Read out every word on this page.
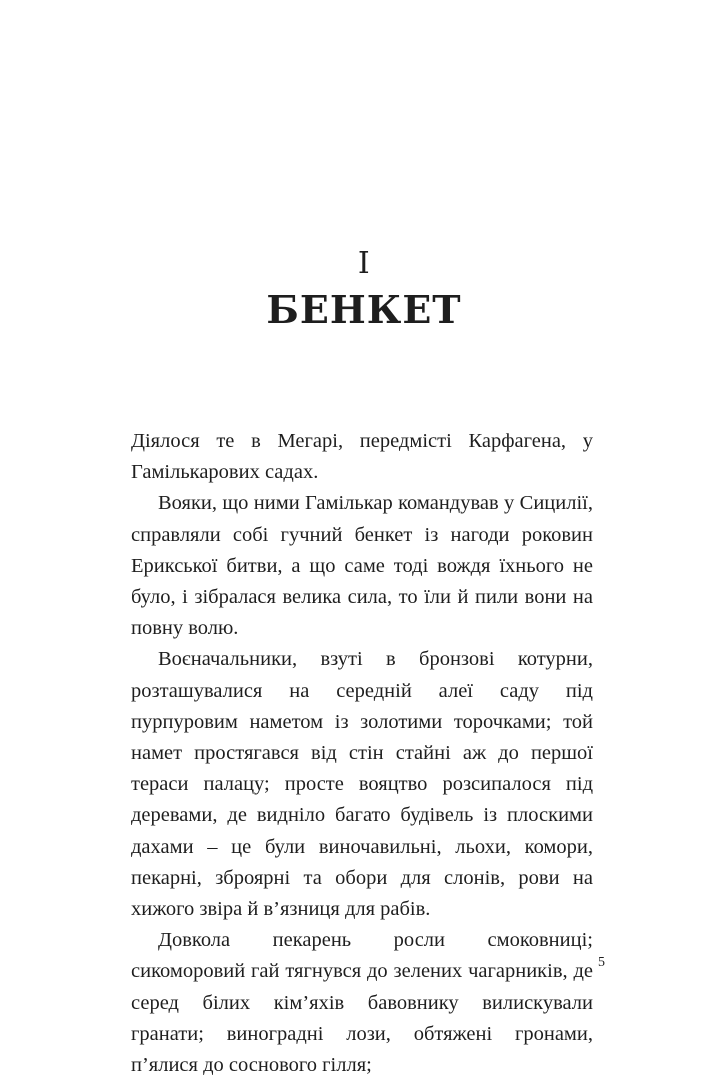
I
БЕНКЕТ

Діялося те в Мегарі, передмісті Карфагена, у Гамількарових садах.

Вояки, що ними Гамількар командував у Сицилії, справляли собі гучний бенкет із нагоди роковин Ерикської битви, а що саме тоді вождя їхнього не було, і зібралася велика сила, то їли й пили вони на повну волю.

Воєначальники, взуті в бронзові котурни, розташувалися на середній алеї саду під пурпуровим наметом із золотими торочками; той намет простягався від стін стайні аж до першої тераси палацу; просте вояцтво розсипалося під деревами, де видніло багато будівель із плоскими дахами – це були виночавильні, льохи, комори, пекарні, зброярні та обори для слонів, рови на хижого звіра й в’язниця для рабів.

Довкола пекарень росли смоковниці; сикоморовий гай тягнувся до зелених чагарників, де серед білих кім’яхів бавовнику вилискували гранати; виноградні лози, обтяжені гронами, п’ялися до соснового гілля;

5
